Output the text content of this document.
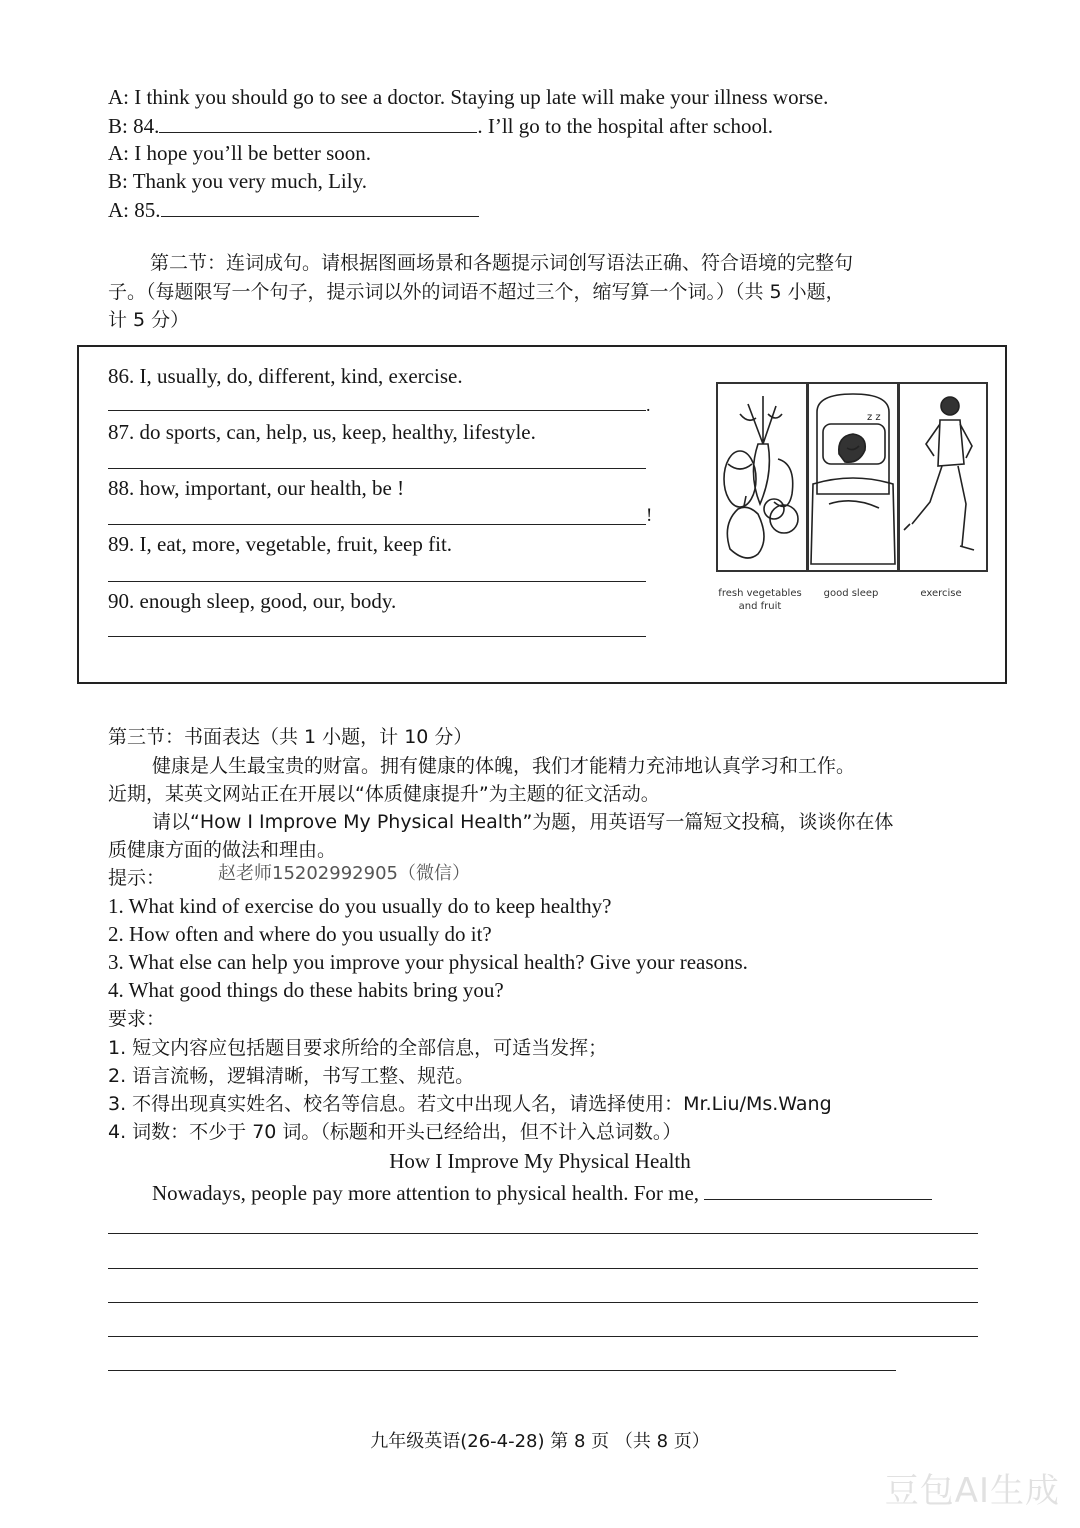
A: I think you should go to see a doctor. Staying up late will make your illness worse.
B: 84.	. I’ll go to the hospital after school.
A: I hope you’ll be better soon.
B: Thank you very much, Lily.
A: 85.
第二节：连词成句。请根据图画场景和各题提示词创写语法正确、符合语境的完整句
子。（每题限写一个句子，提示词以外的词语不超过三个，缩写算一个词。）（共 5 小题，
计 5 分）
86. I, usually, do, different, kind, exercise.
.
87. do sports, can, help, us, keep, healthy, lifestyle.
88. how, important, our health, be !
!
89. I, eat, more, vegetable, fruit, keep fit.
90. enough sleep, good, our, body.
z z
fresh vegetables and fruit
good sleep	exercise
第三节：书面表达（共 1 小题，计 10 分）
健康是人生最宝贵的财富。拥有健康的体魄，我们才能精力充沛地认真学习和工作。
近期，某英文网站正在开展以“体质健康提升”为主题的征文活动。
请以“How I Improve My Physical Health”为题，用英语写一篇短文投稿，谈谈你在体
质健康方面的做法和理由。
提示：	赵老师15202992905（微信）
1. What kind of exercise do you usually do to keep healthy?
2. How often and where do you usually do it?
3. What else can help you improve your physical health? Give your reasons.
4. What good things do these habits bring you?
要求：
1. 短文内容应包括题目要求所给的全部信息，可适当发挥；
2. 语言流畅，逻辑清晰，书写工整、规范。
3. 不得出现真实姓名、校名等信息。若文中出现人名，请选择使用：Mr.Liu/Ms.Wang
4. 词数：不少于 70 词。（标题和开头已经给出，但不计入总词数。）
How I Improve My Physical Health
Nowadays, people pay more attention to physical health. For me,
九年级英语(26-4-28) 第 8 页 （共 8 页）
豆包AI生成
